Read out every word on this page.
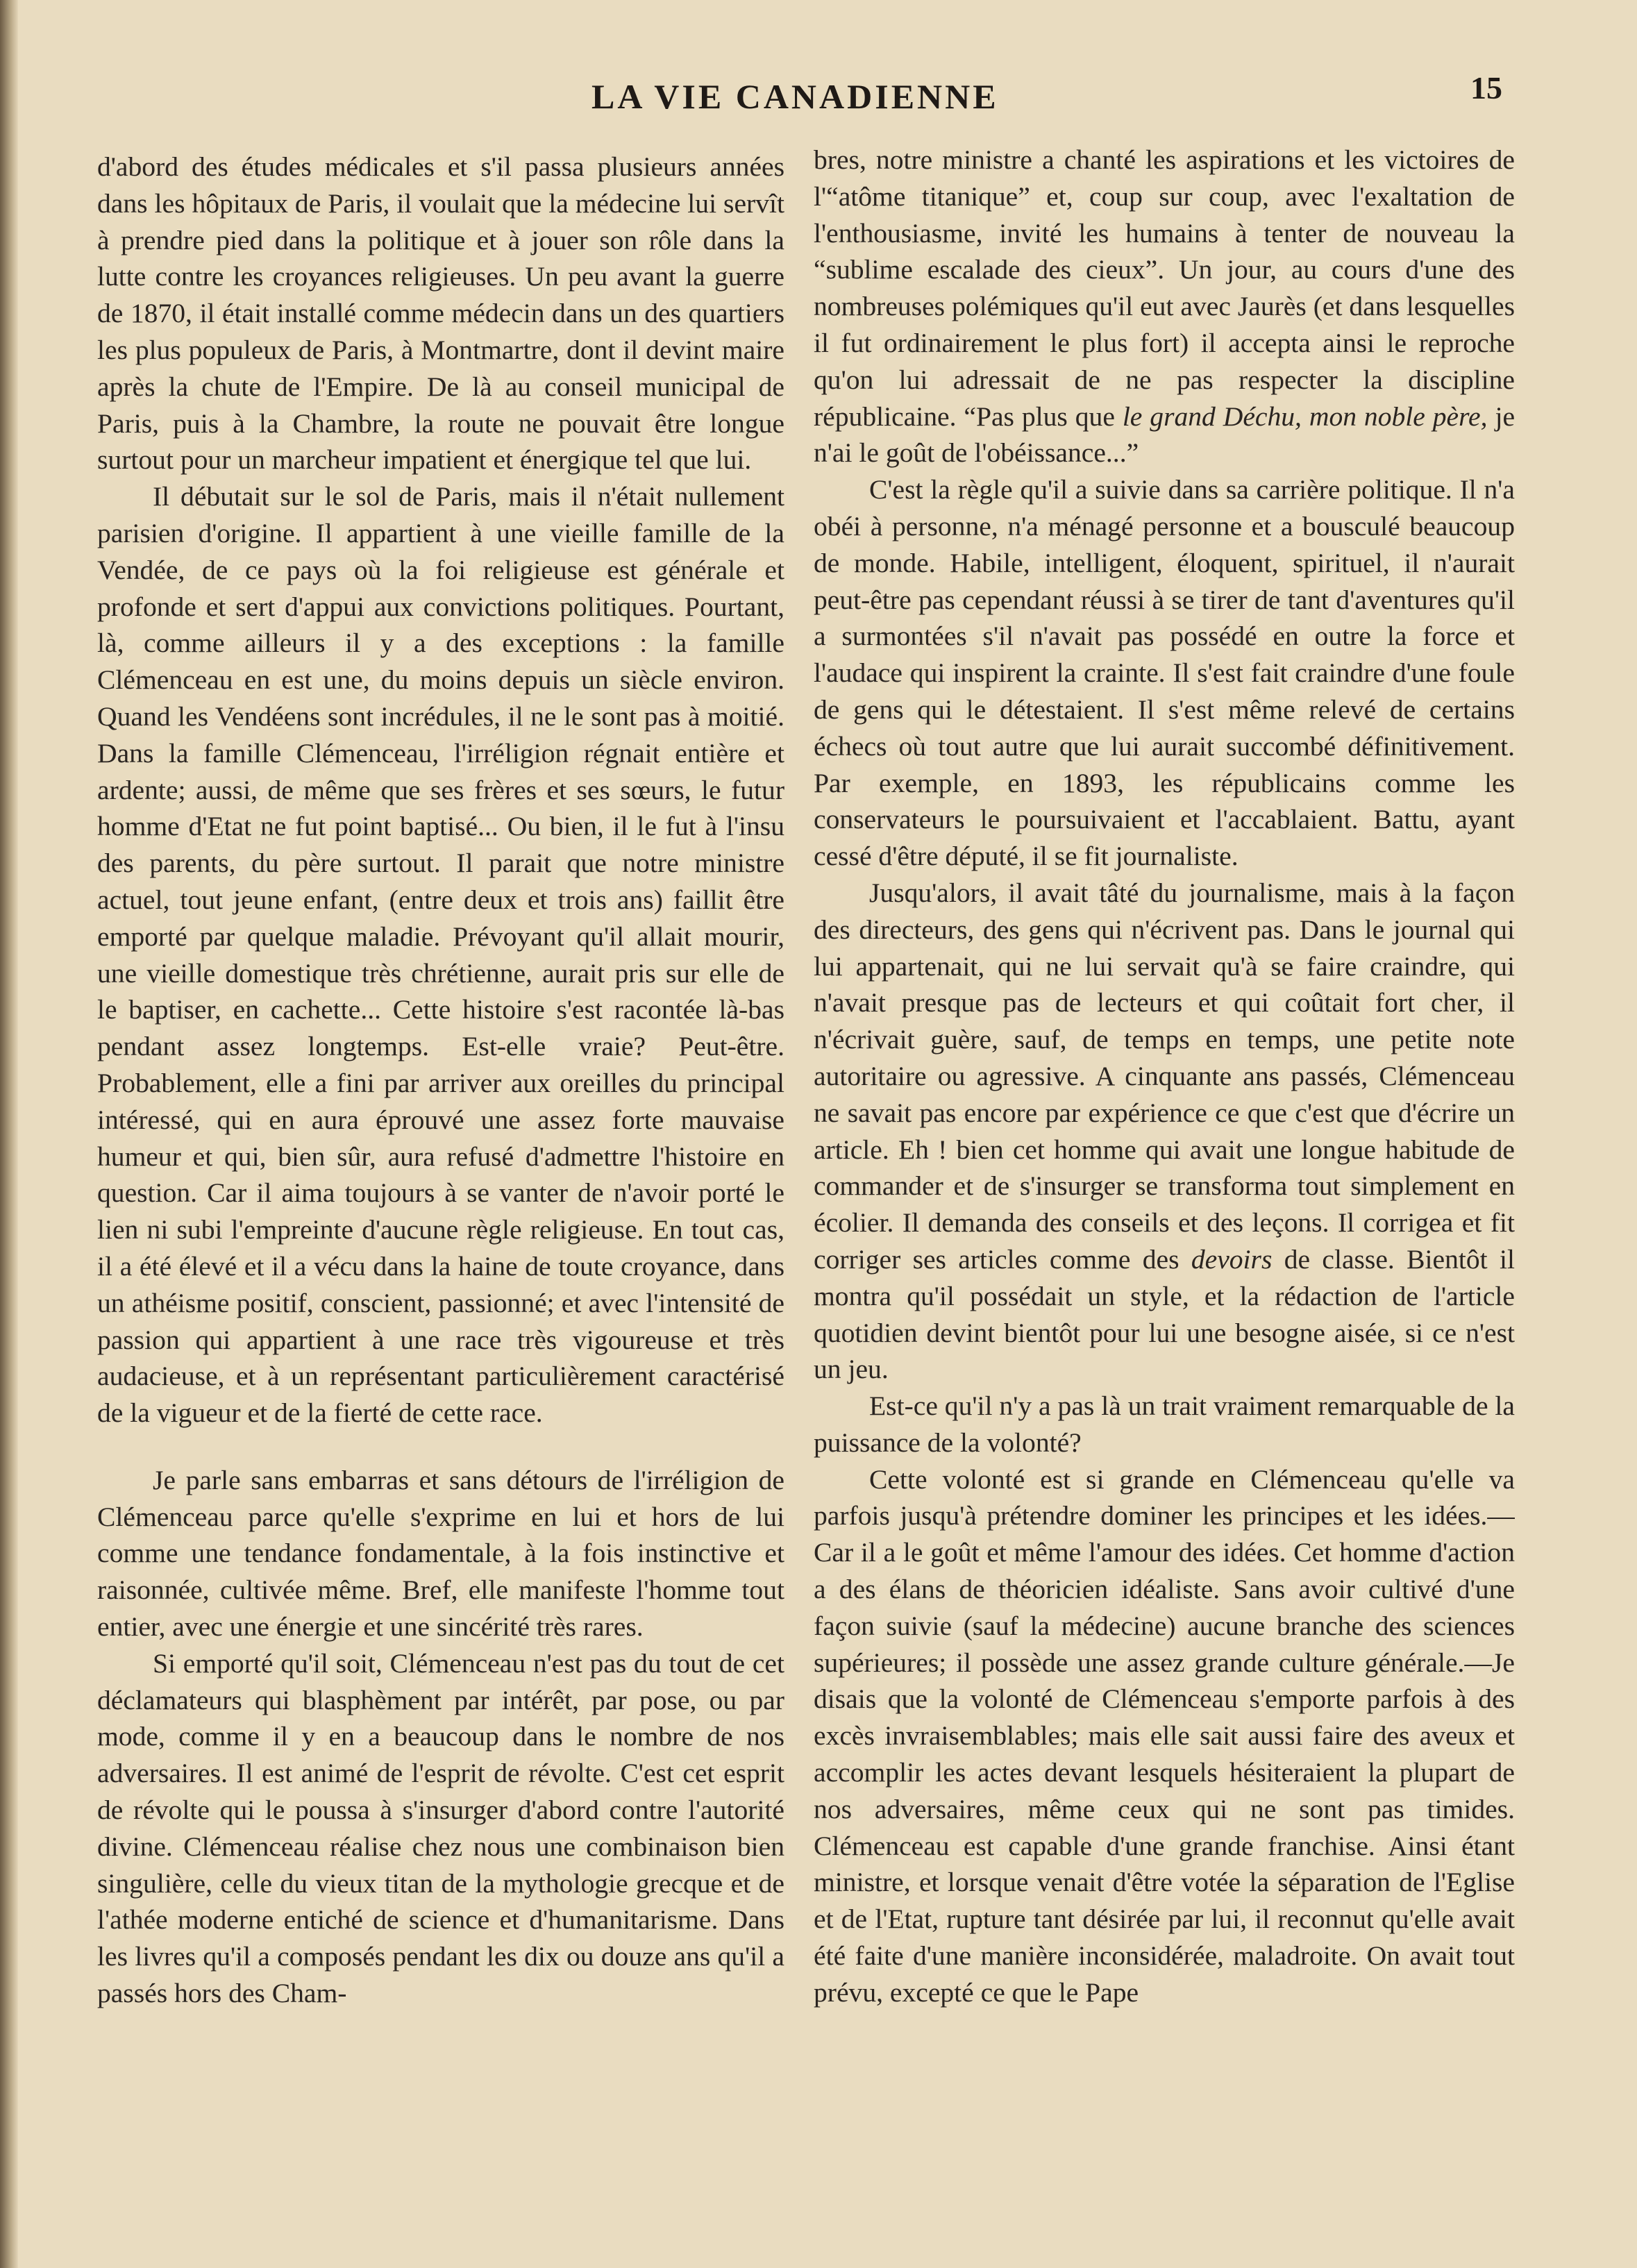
LA VIE CANADIENNE	15

d'abord des études médicales et s'il passa plusieurs années dans les hôpitaux de Paris, il voulait que la médecine lui servît à prendre pied dans la politique et à jouer son rôle dans la lutte contre les croyances religieuses. Un peu avant la guerre de 1870, il était installé comme médecin dans un des quartiers les plus populeux de Paris, à Montmartre, dont il devint maire après la chute de l'Empire. De là au conseil municipal de Paris, puis à la Chambre, la route ne pouvait être longue surtout pour un marcheur impatient et énergique tel que lui.

Il débutait sur le sol de Paris, mais il n'était nullement parisien d'origine. Il appartient à une vieille famille de la Vendée, de ce pays où la foi religieuse est générale et profonde et sert d'appui aux convictions politiques. Pourtant, là, comme ailleurs il y a des exceptions : la famille Clémenceau en est une, du moins depuis un siècle environ. Quand les Vendéens sont incrédules, il ne le sont pas à moitié. Dans la famille Clémenceau, l'irréligion régnait entière et ardente; aussi, de même que ses frères et ses sœurs, le futur homme d'Etat ne fut point baptisé... Ou bien, il le fut à l'insu des parents, du père surtout. Il parait que notre ministre actuel, tout jeune enfant, (entre deux et trois ans) faillit être emporté par quelque maladie. Prévoyant qu'il allait mourir, une vieille domestique très chrétienne, aurait pris sur elle de le baptiser, en cachette... Cette histoire s'est racontée là-bas pendant assez longtemps. Est-elle vraie? Peut-être. Probablement, elle a fini par arriver aux oreilles du principal intéressé, qui en aura éprouvé une assez forte mauvaise humeur et qui, bien sûr, aura refusé d'admettre l'histoire en question. Car il aima toujours à se vanter de n'avoir porté le lien ni subi l'empreinte d'aucune règle religieuse. En tout cas, il a été élevé et il a vécu dans la haine de toute croyance, dans un athéisme positif, conscient, passionné; et avec l'intensité de passion qui appartient à une race très vigoureuse et très audacieuse, et à un représentant particulièrement caractérisé de la vigueur et de la fierté de cette race.

Je parle sans embarras et sans détours de l'irréligion de Clémenceau parce qu'elle s'exprime en lui et hors de lui comme une tendance fondamentale, à la fois instinctive et raisonnée, cultivée même. Bref, elle manifeste l'homme tout entier, avec une énergie et une sincérité très rares.

Si emporté qu'il soit, Clémenceau n'est pas du tout de cet déclamateurs qui blasphèment par intérêt, par pose, ou par mode, comme il y en a beaucoup dans le nombre de nos adversaires. Il est animé de l'esprit de révolte. C'est cet esprit de révolte qui le poussa à s'insurger d'abord contre l'autorité divine. Clémenceau réalise chez nous une combinaison bien singulière, celle du vieux titan de la mythologie grecque et de l'athée moderne entiché de science et d'humanitarisme. Dans les livres qu'il a composés pendant les dix ou douze ans qu'il a passés hors des Cham-

bres, notre ministre a chanté les aspirations et les victoires de l'“atôme titanique” et, coup sur coup, avec l'exaltation de l'enthousiasme, invité les humains à tenter de nouveau la “sublime escalade des cieux”. Un jour, au cours d'une des nombreuses polémiques qu'il eut avec Jaurès (et dans lesquelles il fut ordinairement le plus fort) il accepta ainsi le reproche qu'on lui adressait de ne pas respecter la discipline républicaine. “Pas plus que le grand Déchu, mon noble père, je n'ai le goût de l'obéissance...”

C'est la règle qu'il a suivie dans sa carrière politique. Il n'a obéi à personne, n'a ménagé personne et a bousculé beaucoup de monde. Habile, intelligent, éloquent, spirituel, il n'aurait peut-être pas cependant réussi à se tirer de tant d'aventures qu'il a surmontées s'il n'avait pas possédé en outre la force et l'audace qui inspirent la crainte. Il s'est fait craindre d'une foule de gens qui le détestaient. Il s'est même relevé de certains échecs où tout autre que lui aurait succombé définitivement. Par exemple, en 1893, les républicains comme les conservateurs le poursuivaient et l'accablaient. Battu, ayant cessé d'être député, il se fit journaliste.

Jusqu'alors, il avait tâté du journalisme, mais à la façon des directeurs, des gens qui n'écrivent pas. Dans le journal qui lui appartenait, qui ne lui servait qu'à se faire craindre, qui n'avait presque pas de lecteurs et qui coûtait fort cher, il n'écrivait guère, sauf, de temps en temps, une petite note autoritaire ou agressive. A cinquante ans passés, Clémenceau ne savait pas encore par expérience ce que c'est que d'écrire un article. Eh ! bien cet homme qui avait une longue habitude de commander et de s'insurger se transforma tout simplement en écolier. Il demanda des conseils et des leçons. Il corrigea et fit corriger ses articles comme des devoirs de classe. Bientôt il montra qu'il possédait un style, et la rédaction de l'article quotidien devint bientôt pour lui une besogne aisée, si ce n'est un jeu.

Est-ce qu'il n'y a pas là un trait vraiment remarquable de la puissance de la volonté?

Cette volonté est si grande en Clémenceau qu'elle va parfois jusqu'à prétendre dominer les principes et les idées.—Car il a le goût et même l'amour des idées. Cet homme d'action a des élans de théoricien idéaliste. Sans avoir cultivé d'une façon suivie (sauf la médecine) aucune branche des sciences supérieures; il possède une assez grande culture générale.—Je disais que la volonté de Clémenceau s'emporte parfois à des excès invraisemblables; mais elle sait aussi faire des aveux et accomplir les actes devant lesquels hésiteraient la plupart de nos adversaires, même ceux qui ne sont pas timides. Clémenceau est capable d'une grande franchise. Ainsi étant ministre, et lorsque venait d'être votée la séparation de l'Eglise et de l'Etat, rupture tant désirée par lui, il reconnut qu'elle avait été faite d'une manière inconsidérée, maladroite. On avait tout prévu, excepté ce que le Pape
